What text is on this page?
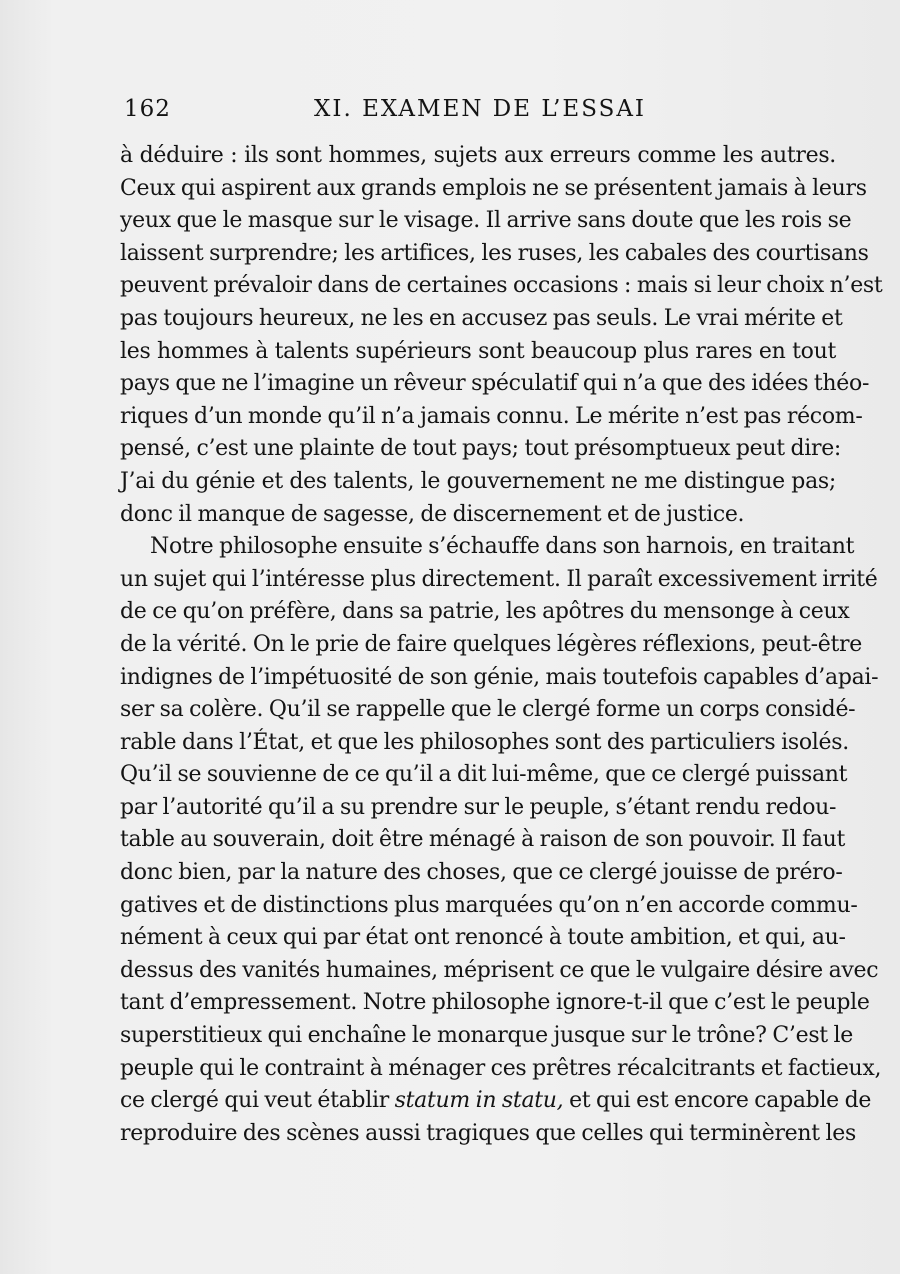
162	XI. EXAMEN DE L’ESSAI
à déduire : ils sont hommes, sujets aux erreurs comme les autres.
Ceux qui aspirent aux grands emplois ne se présentent jamais à leurs
yeux que le masque sur le visage. Il arrive sans doute que les rois se
laissent surprendre; les artifices, les ruses, les cabales des courtisans
peuvent prévaloir dans de certaines occasions : mais si leur choix n’est
pas toujours heureux, ne les en accusez pas seuls. Le vrai mérite et
les hommes à talents supérieurs sont beaucoup plus rares en tout
pays que ne l’imagine un rêveur spéculatif qui n’a que des idées théo-
riques d’un monde qu’il n’a jamais connu. Le mérite n’est pas récom-
pensé, c’est une plainte de tout pays; tout présomptueux peut dire:
J’ai du génie et des talents, le gouvernement ne me distingue pas;
donc il manque de sagesse, de discernement et de justice.
Notre philosophe ensuite s’échauffe dans son harnois, en traitant
un sujet qui l’intéresse plus directement. Il paraît excessivement irrité
de ce qu’on préfère, dans sa patrie, les apôtres du mensonge à ceux
de la vérité. On le prie de faire quelques légères réflexions, peut-être
indignes de l’impétuosité de son génie, mais toutefois capables d’apai-
ser sa colère. Qu’il se rappelle que le clergé forme un corps considé-
rable dans l’État, et que les philosophes sont des particuliers isolés.
Qu’il se souvienne de ce qu’il a dit lui-même, que ce clergé puissant
par l’autorité qu’il a su prendre sur le peuple, s’étant rendu redou-
table au souverain, doit être ménagé à raison de son pouvoir. Il faut
donc bien, par la nature des choses, que ce clergé jouisse de préro-
gatives et de distinctions plus marquées qu’on n’en accorde commu-
nément à ceux qui par état ont renoncé à toute ambition, et qui, au-
dessus des vanités humaines, méprisent ce que le vulgaire désire avec
tant d’empressement. Notre philosophe ignore-t-il que c’est le peuple
superstitieux qui enchaîne le monarque jusque sur le trône? C’est le
peuple qui le contraint à ménager ces prêtres récalcitrants et factieux,
ce clergé qui veut établir statum in statu, et qui est encore capable de
reproduire des scènes aussi tragiques que celles qui terminèrent les
